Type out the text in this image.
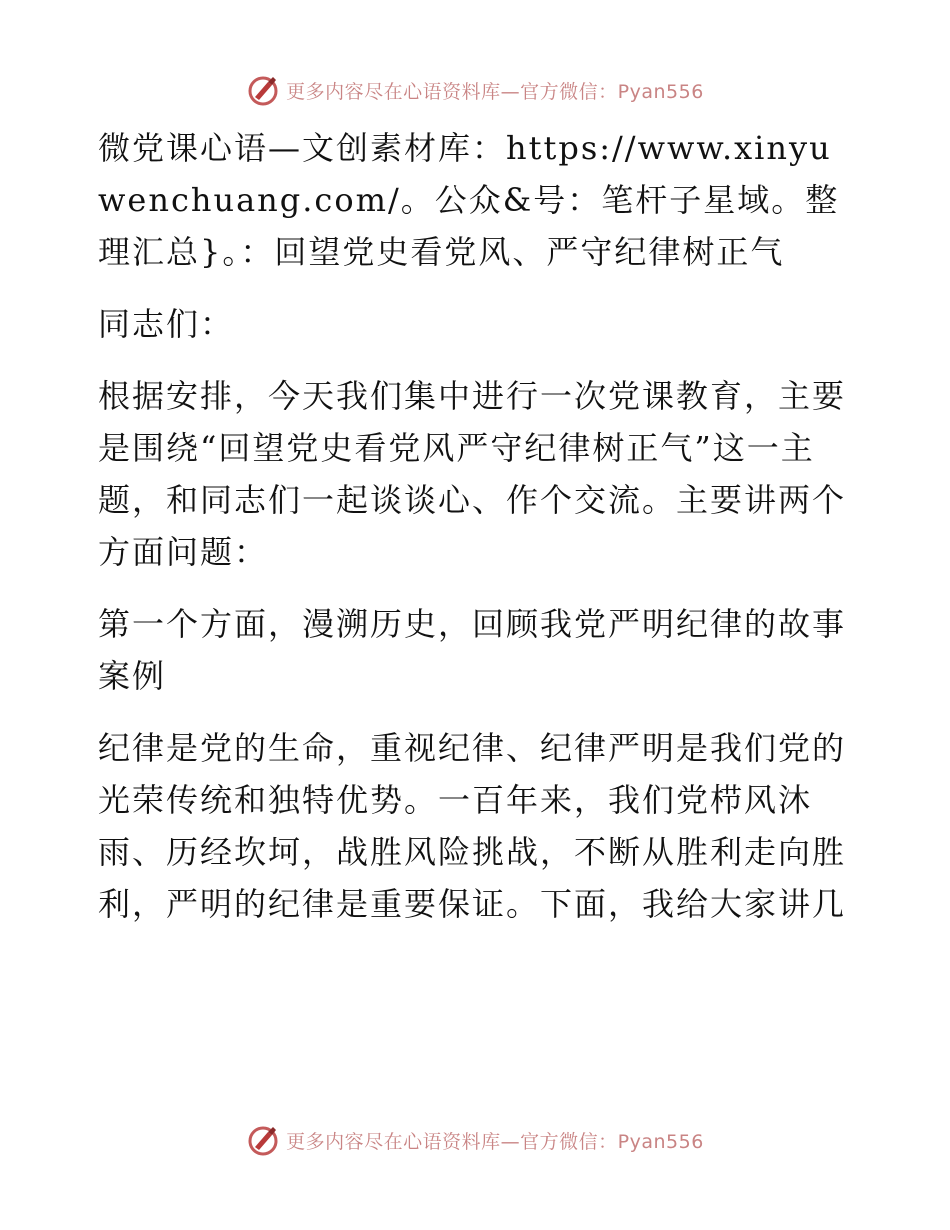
更多内容尽在心语资料库—官方微信：Pyan556

微党课心语—文创素材库：https://www.xinyuwenchuang.com/。公众&号：笔杆子星域。整理汇总}。：回望党史看党风、严守纪律树正气

同志们：

根据安排，今天我们集中进行一次党课教育，主要是围绕“回望党史看党风严守纪律树正气”这一主题，和同志们一起谈谈心、作个交流。主要讲两个方面问题：

第一个方面，漫溯历史，回顾我党严明纪律的故事案例

纪律是党的生命，重视纪律、纪律严明是我们党的光荣传统和独特优势。一百年来，我们党栉风沐雨、历经坎坷，战胜风险挑战，不断从胜利走向胜利，严明的纪律是重要保证。下面，我给大家讲几

更多内容尽在心语资料库—官方微信：Pyan556
